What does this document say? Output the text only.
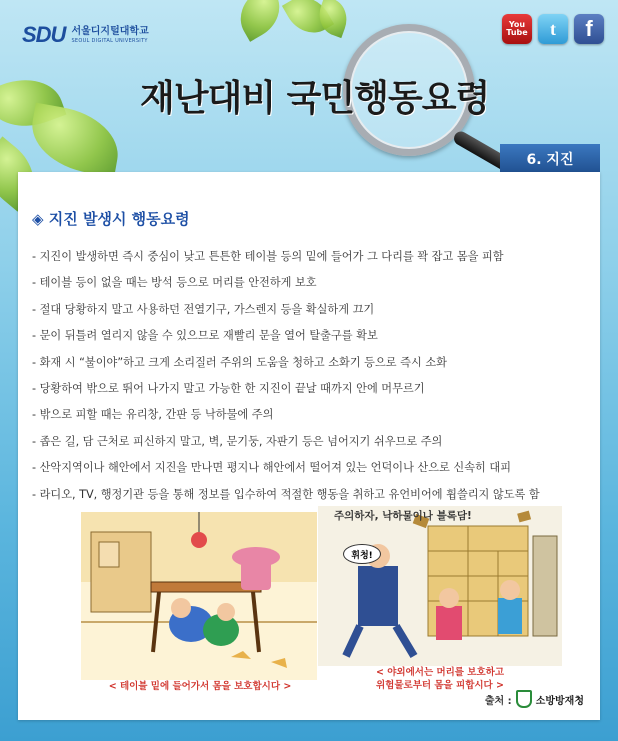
SDU 서울디지털대학교
SEOUL DIGITAL UNIVERSITY
You
Tube t f
재난대비 국민행동요령
6. 지진
◈ 지진 발생시 행동요령
- 지진이 발생하면 즉시 중심이 낮고 튼튼한 테이블 등의 밑에 들어가 그 다리를 꽉 잡고 몸을 피함
- 테이블 등이 없을 때는 방석 등으로 머리를 안전하게 보호
- 절대 당황하지 말고 사용하던 전열기구, 가스렌지 등을 확실하게 끄기
- 문이 뒤틀려 열리지 않을 수 있으므로 재빨리 문을 열어 탈출구를 확보
- 화재 시 “불이야”하고 크게 소리질러 주위의 도움을 청하고 소화기 등으로 즉시 소화
- 당황하여 밖으로 뛰어 나가지 말고 가능한 한 지진이 끝날 때까지 안에 머무르기
- 밖으로 피할 때는 유리창, 간판 등 낙하물에 주의
- 좁은 길, 담 근처로 피신하지 말고, 벽, 문기둥, 자판기 등은 넘어지기 쉬우므로 주의
- 산악지역이나 해안에서 지진을 만나면 평지나 해안에서 떨어져 있는 언덕이나 산으로 신속히 대피
- 라디오, TV, 행정기관 등을 통해 정보를 입수하여 적절한 행동을 취하고 유언비어에 휩쓸리지 않도록 함
< 테이블 밑에 들어가서 몸을 보호합시다 >
주의하자, 낙하물이나 블록담!
휘청!
< 야외에서는 머리를 보호하고
위험물로부터 몸을 피합시다 >
출처 : 소방방재청
